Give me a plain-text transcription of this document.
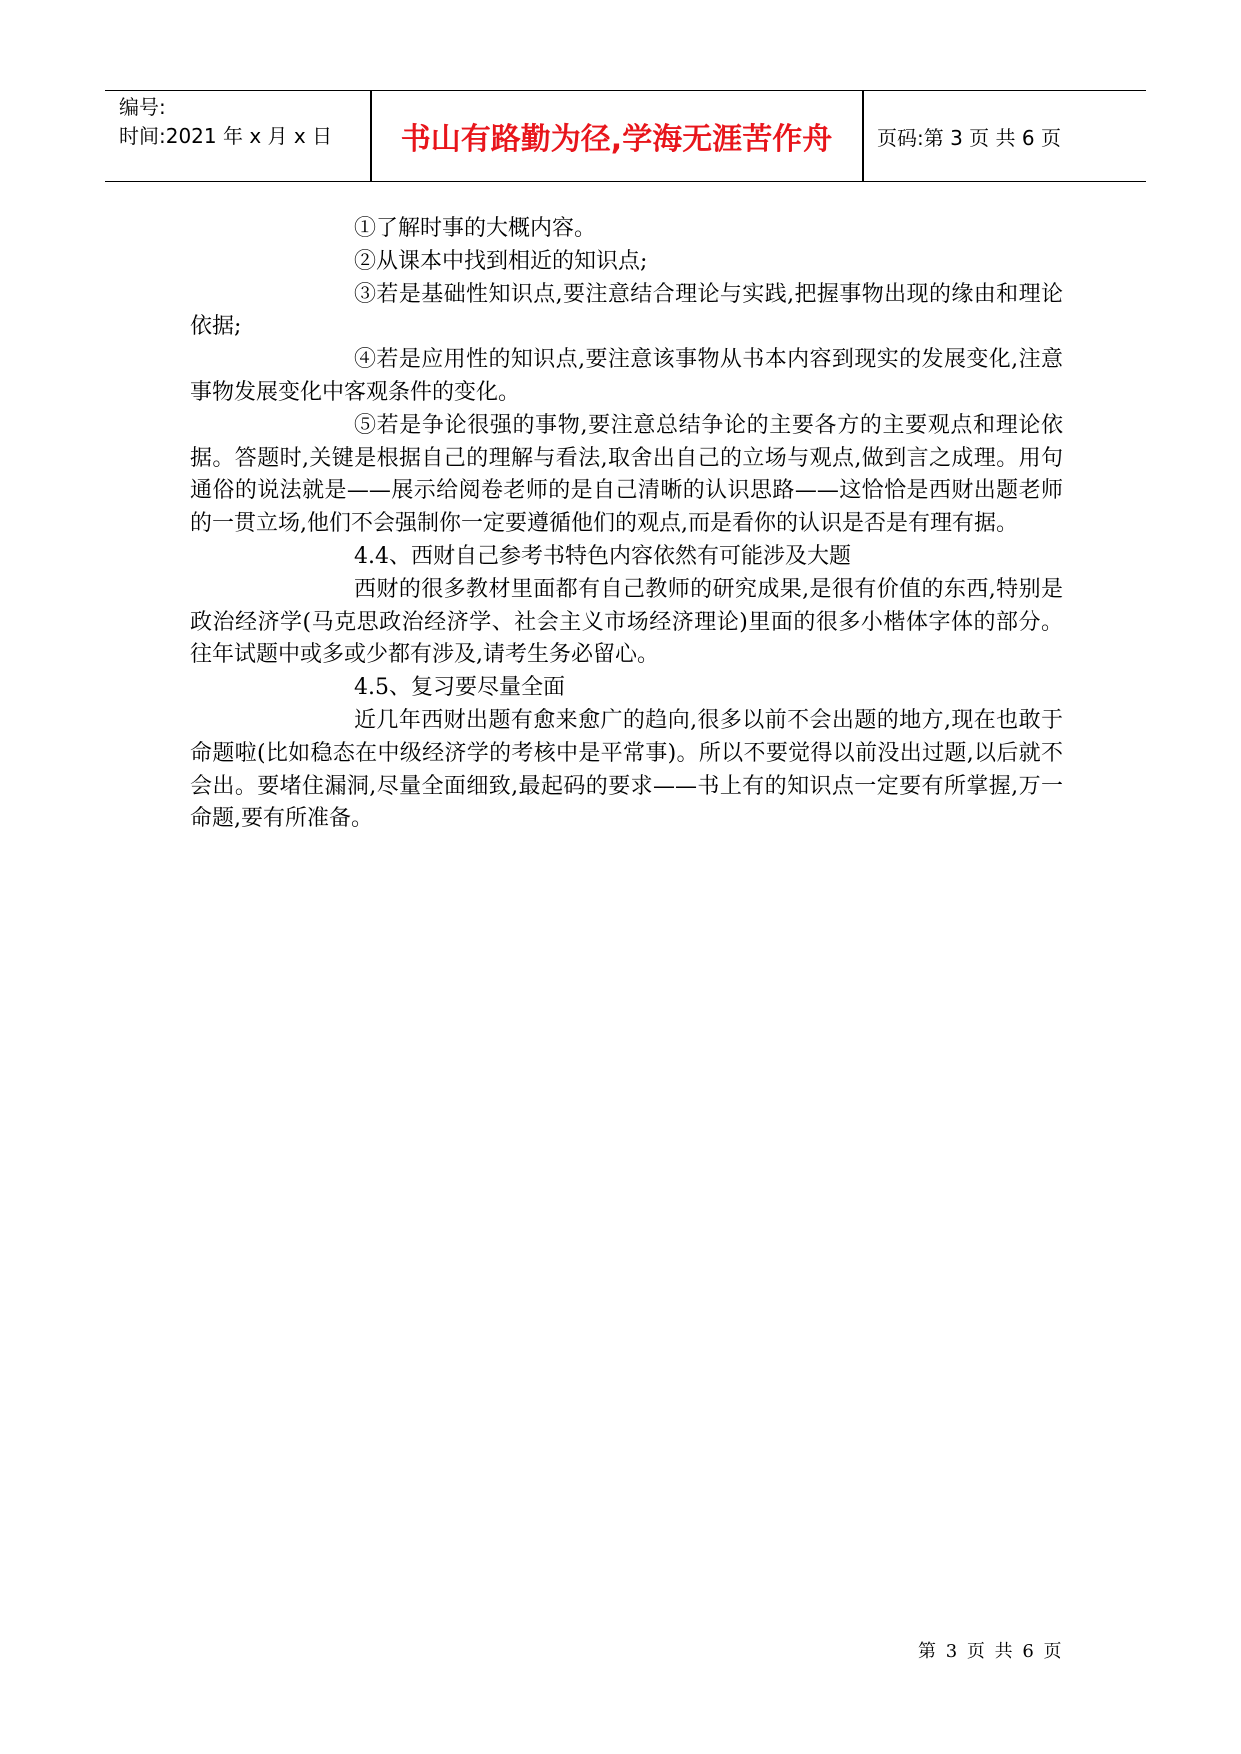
编号:
时间:2021 年 x 月 x 日	书山有路勤为径,学海无涯苦作舟	页码:第 3 页 共 6 页

①了解时事的大概内容。

②从课本中找到相近的知识点;

③若是基础性知识点,要注意结合理论与实践,把握事物出现的缘由和理论依据;

④若是应用性的知识点,要注意该事物从书本内容到现实的发展变化,注意事物发展变化中客观条件的变化。

⑤若是争论很强的事物,要注意总结争论的主要各方的主要观点和理论依据。答题时,关键是根据自己的理解与看法,取舍出自己的立场与观点,做到言之成理。用句通俗的说法就是——展示给阅卷老师的是自己清晰的认识思路——这恰恰是西财出题老师的一贯立场,他们不会强制你一定要遵循他们的观点,而是看你的认识是否是有理有据。

4.4、西财自己参考书特色内容依然有可能涉及大题

西财的很多教材里面都有自己教师的研究成果,是很有价值的东西,特别是政治经济学(马克思政治经济学、社会主义市场经济理论)里面的很多小楷体字体的部分。往年试题中或多或少都有涉及,请考生务必留心。

4.5、复习要尽量全面

近几年西财出题有愈来愈广的趋向,很多以前不会出题的地方,现在也敢于命题啦(比如稳态在中级经济学的考核中是平常事)。所以不要觉得以前没出过题,以后就不会出。要堵住漏洞,尽量全面细致,最起码的要求——书上有的知识点一定要有所掌握,万一命题,要有所准备。

第 3 页 共 6 页
